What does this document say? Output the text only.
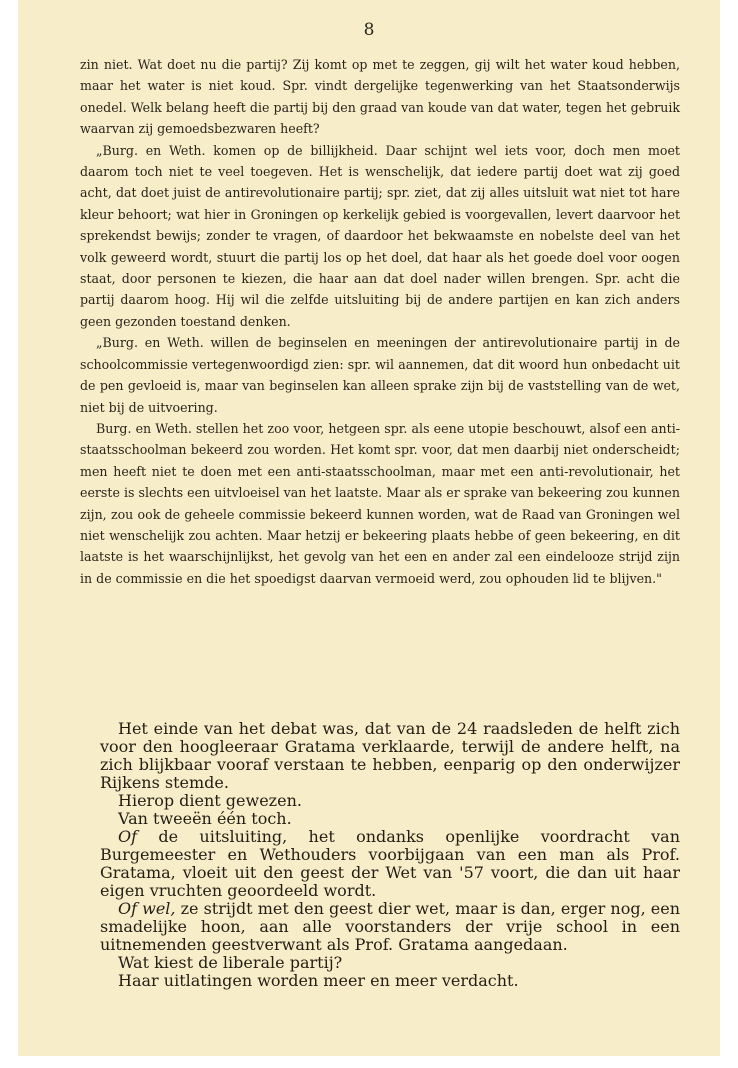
8

zin niet. Wat doet nu die partij? Zij komt op met te zeggen, gij wilt het water koud hebben, maar het water is niet koud. Spr. vindt dergelijke tegenwerking van het Staatsonderwijs onedel. Welk belang heeft die partij bij den graad van koude van dat water, tegen het gebruik waarvan zij gemoedsbezwaren heeft?

„Burg. en Weth. komen op de billijkheid. Daar schijnt wel iets voor, doch men moet daarom toch niet te veel toegeven. Het is wenschelijk, dat iedere partij doet wat zij goed acht, dat doet juist de antirevolutionaire partij; spr. ziet, dat zij alles uitsluit wat niet tot hare kleur behoort; wat hier in Groningen op kerkelijk gebied is voorgevallen, levert daarvoor het sprekendst bewijs; zonder te vragen, of daardoor het bekwaamste en nobelste deel van het volk geweerd wordt, stuurt die partij los op het doel, dat haar als het goede doel voor oogen staat, door personen te kiezen, die haar aan dat doel nader willen brengen. Spr. acht die partij daarom hoog. Hij wil die zelfde uitsluiting bij de andere partijen en kan zich anders geen gezonden toestand denken.

„Burg. en Weth. willen de beginselen en meeningen der antirevolutionaire partij in de schoolcommissie vertegenwoordigd zien: spr. wil aannemen, dat dit woord hun onbedacht uit de pen gevloeid is, maar van beginselen kan alleen sprake zijn bij de vaststelling van de wet, niet bij de uitvoering.

Burg. en Weth. stellen het zoo voor, hetgeen spr. als eene utopie beschouwt, alsof een anti-staatsschoolman bekeerd zou worden. Het komt spr. voor, dat men daarbij niet onderscheidt; men heeft niet te doen met een anti-staatsschoolman, maar met een anti-revolutionair, het eerste is slechts een uitvloeisel van het laatste. Maar als er sprake van bekeering zou kunnen zijn, zou ook de geheele commissie bekeerd kunnen worden, wat de Raad van Groningen wel niet wenschelijk zou achten. Maar hetzij er bekeering plaats hebbe of geen bekeering, en dit laatste is het waarschijnlijkst, het gevolg van het een en ander zal een eindelooze strijd zijn in de commissie en die het spoedigst daarvan vermoeid werd, zou ophouden lid te blijven."

Het einde van het debat was, dat van de 24 raadsleden de helft zich voor den hoogleeraar Gratama verklaarde, terwijl de andere helft, na zich blijkbaar vooraf verstaan te hebben, eenparig op den onderwijzer Rijkens stemde.

Hierop dient gewezen.

Van tweeën één toch.

Of de uitsluiting, het ondanks openlijke voordracht van Burgemeester en Wethouders voorbijgaan van een man als Prof. Gratama, vloeit uit den geest der Wet van '57 voort, die dan uit haar eigen vruchten geoordeeld wordt.

Of wel, ze strijdt met den geest dier wet, maar is dan, erger nog, een smadelijke hoon, aan alle voorstanders der vrije school in een uitnemenden geestverwant als Prof. Gratama aangedaan.

Wat kiest de liberale partij?

Haar uitlatingen worden meer en meer verdacht.
